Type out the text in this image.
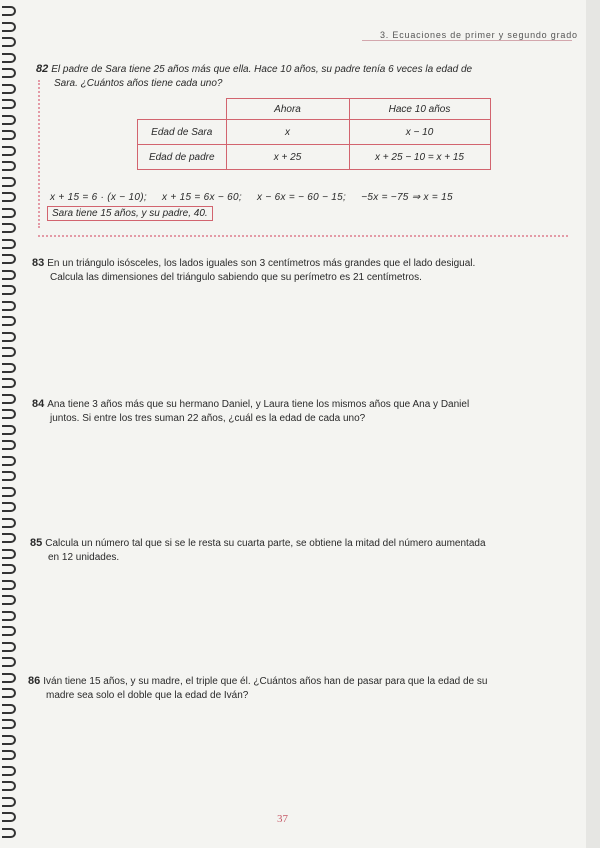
3. Ecuaciones de primer y segundo grado
82 El padre de Sara tiene 25 años más que ella. Hace 10 años, su padre tenía 6 veces la edad de
Sara. ¿Cuántos años tiene cada uno?
	Ahora	Hace 10 años
Edad de Sara	x	x − 10
Edad de padre	x + 25	x + 25 − 10 = x + 15
x + 15 = 6 · (x − 10); x + 15 = 6x − 60; x − 6x = − 60 − 15; −5x = −75 ⇒ x = 15
Sara tiene 15 años, y su padre, 40.
83 En un triángulo isósceles, los lados iguales son 3 centímetros más grandes que el lado desigual.
Calcula las dimensiones del triángulo sabiendo que su perímetro es 21 centímetros.
84 Ana tiene 3 años más que su hermano Daniel, y Laura tiene los mismos años que Ana y Daniel
juntos. Si entre los tres suman 22 años, ¿cuál es la edad de cada uno?
85 Calcula un número tal que si se le resta su cuarta parte, se obtiene la mitad del número aumentada
en 12 unidades.
86 Iván tiene 15 años, y su madre, el triple que él. ¿Cuántos años han de pasar para que la edad de su
madre sea solo el doble que la edad de Iván?
37
